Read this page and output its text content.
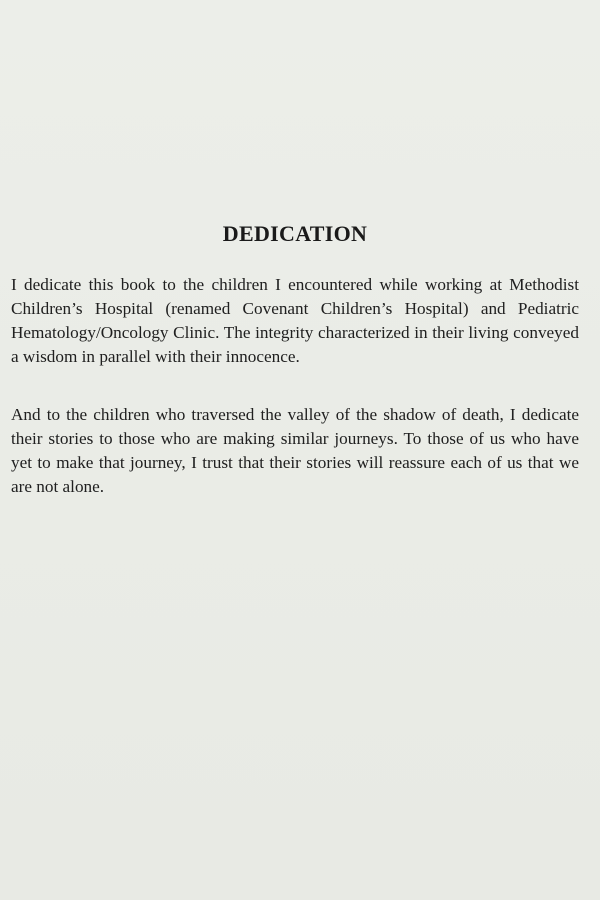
DEDICATION
I dedicate this book to the children I encountered while working at Methodist Children’s Hospital (renamed Covenant Children’s Hospital) and Pediatric Hematology/Oncology Clinic. The integrity characterized in their living conveyed a wisdom in parallel with their innocence.
And to the children who traversed the valley of the shadow of death, I dedicate their stories to those who are making similar journeys. To those of us who have yet to make that journey, I trust that their stories will reassure each of us that we are not alone.
